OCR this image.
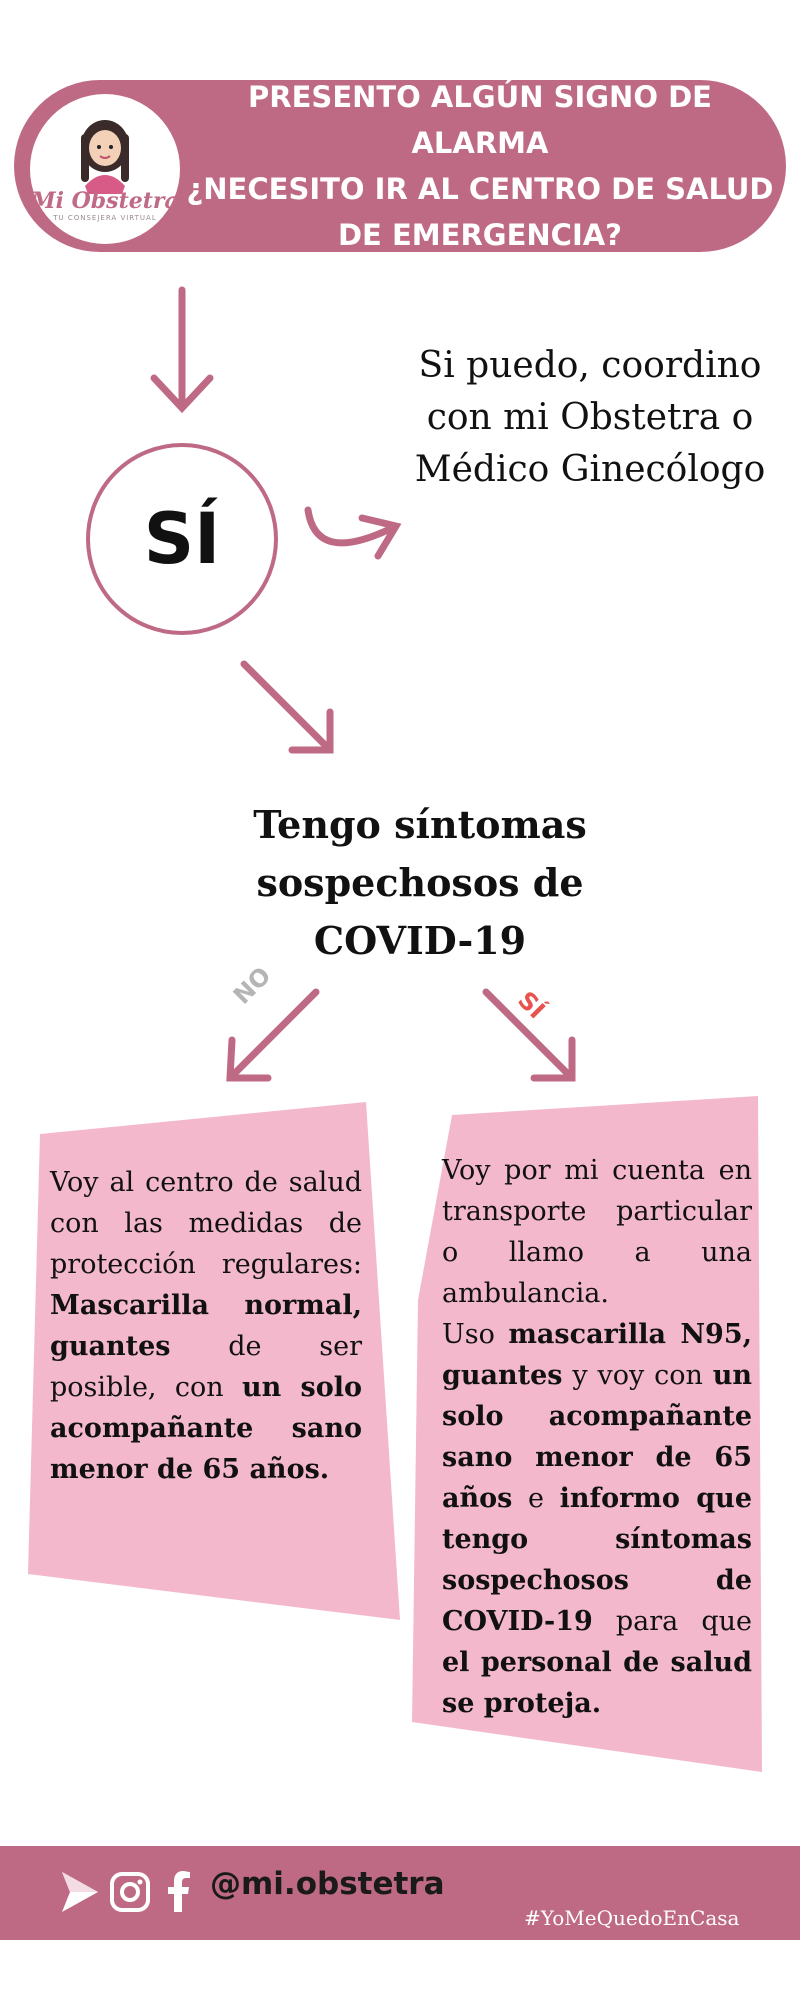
Mi Obstetra
TU CONSEJERA VIRTUAL
PRESENTO ALGÚN SIGNO DE
ALARMA
¿NECESITO IR AL CENTRO DE SALUD
DE EMERGENCIA?
SÍ
Si puedo, coordino
con mi Obstetra o
Médico Ginecólogo
Tengo síntomas
sospechosos de
COVID-19
NO	SÍ
Voy al centro de salud con las medidas de protección regulares: Mascarilla normal, guantes de ser posible, con un solo acompañante sano menor de 65 años.
Voy por mi cuenta en transporte particular o llamo a una ambulancia.
Uso mascarilla N95, guantes y voy con un solo acompañante sano menor de 65 años e informo que tengo síntomas sospechosos de COVID-19 para que el personal de salud se proteja.
@mi.obstetra
#YoMeQuedoEnCasa
